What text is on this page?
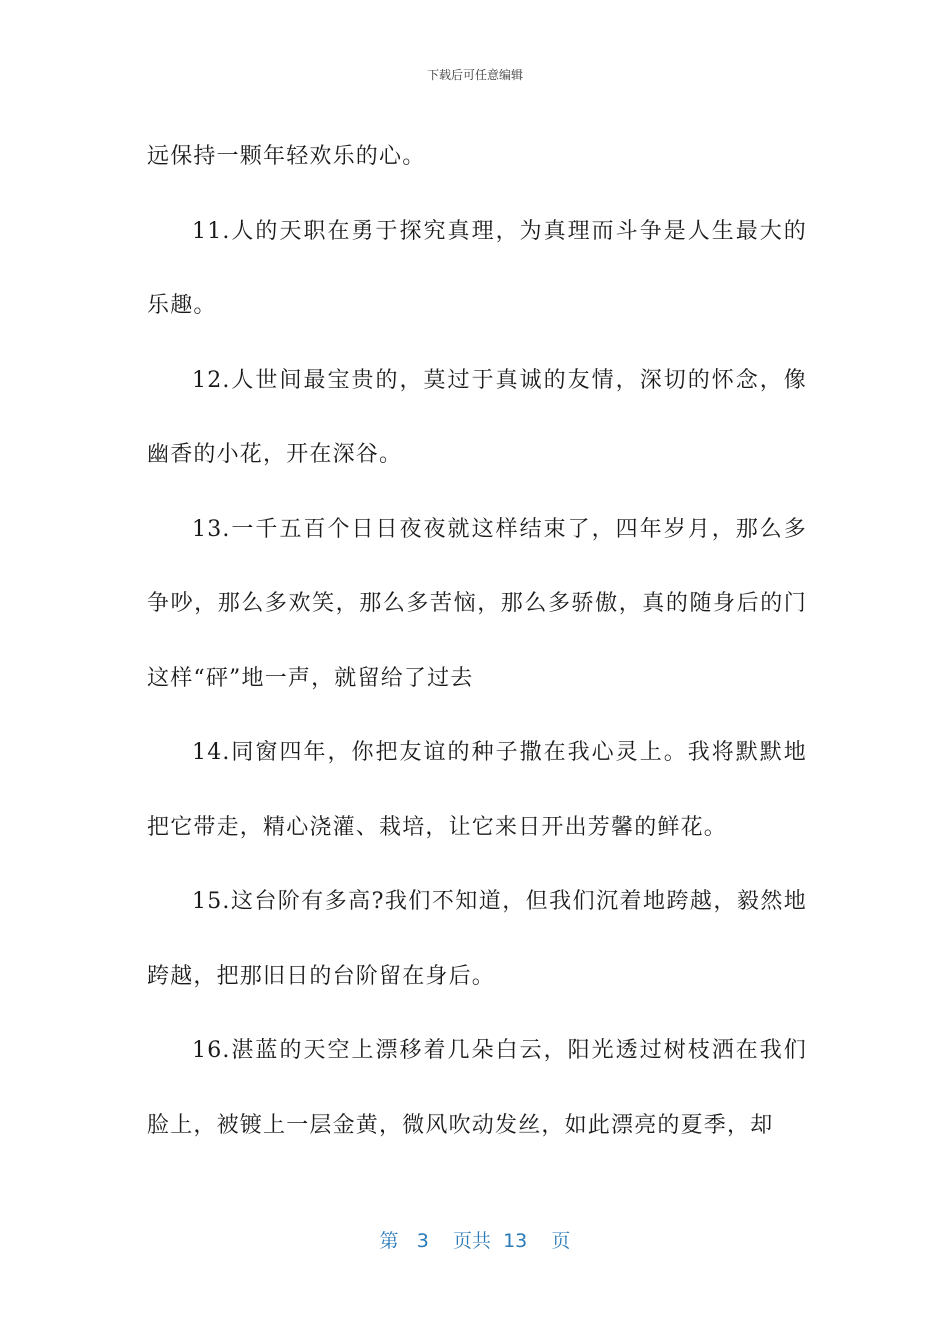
下载后可任意编辑

远保持一颗年轻欢乐的心。

11.人的天职在勇于探究真理，为真理而斗争是人生最大的乐趣。

12.人世间最宝贵的，莫过于真诚的友情，深切的怀念，像幽香的小花，开在深谷。

13.一千五百个日日夜夜就这样结束了，四年岁月，那么多争吵，那么多欢笑，那么多苦恼，那么多骄傲，真的随身后的门这样“砰”地一声，就留给了过去

14.同窗四年，你把友谊的种子撒在我心灵上。我将默默地把它带走，精心浇灌、栽培，让它来日开出芳馨的鲜花。

15.这台阶有多高?我们不知道，但我们沉着地跨越，毅然地跨越，把那旧日的台阶留在身后。

16.湛蓝的天空上漂移着几朵白云，阳光透过树枝洒在我们脸上，被镀上一层金黄，微风吹动发丝，如此漂亮的夏季，却

第 3 页共 13 页
